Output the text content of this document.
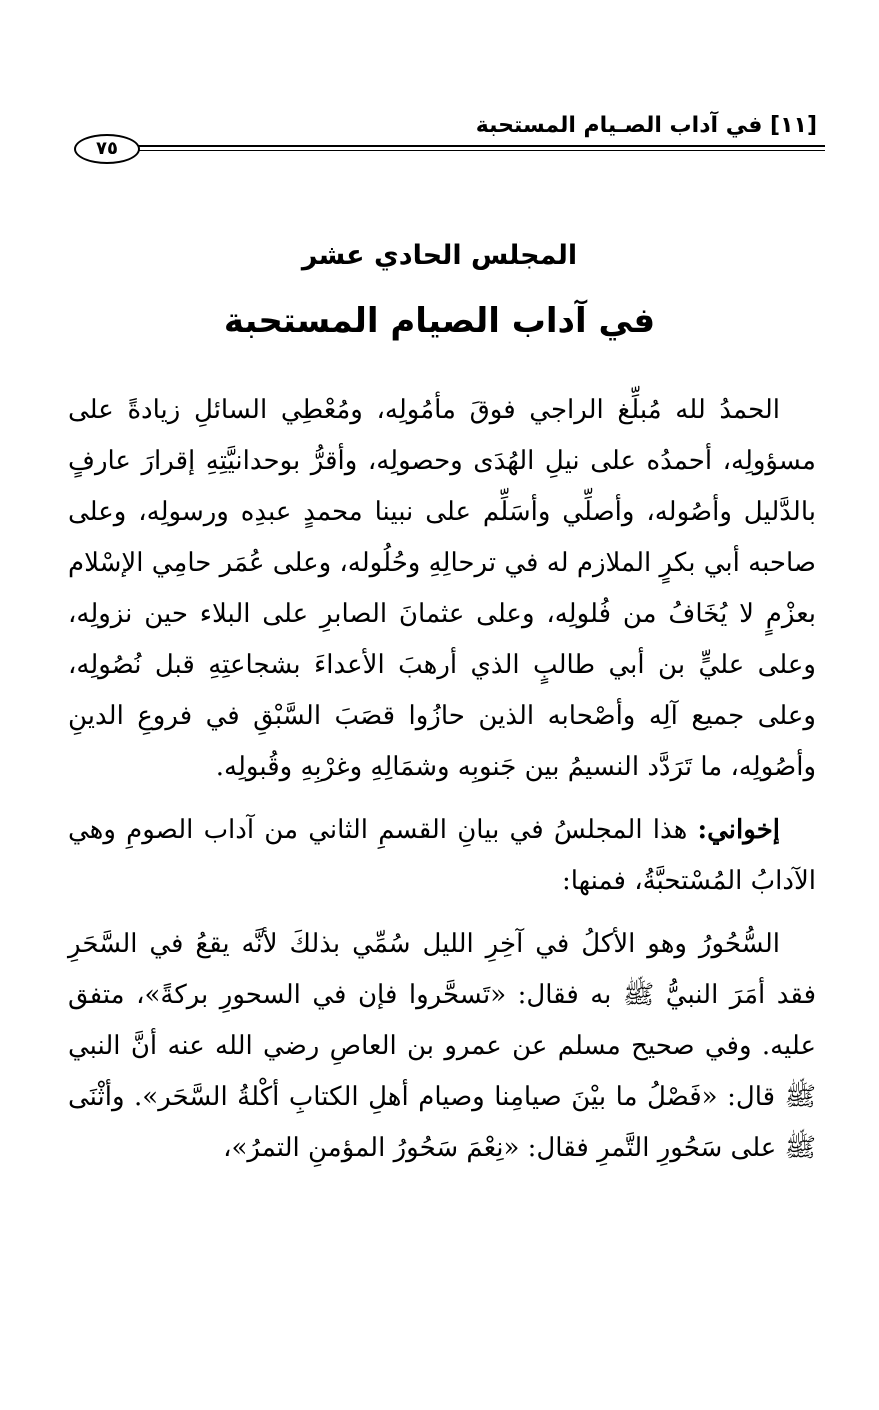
[١١] في آداب الصـيام المستحبة
٧٥
المجلس الحادي عشر
في آداب الصيام المستحبة

الحمدُ لله مُبلِّغ الراجي فوقَ مأمُولِه، ومُعْطِي السائلِ زيادةً على مسؤولِه، أحمدُه على نيلِ الهُدَى وحصولِه، وأقرُّ بوحدانيَّتِهِ إقرارَ عارفٍ بالدَّليل وأصُوله، وأصلِّي وأسَلِّم على نبينا محمدٍ عبدِه ورسولِه، وعلى صاحبه أبي بكرٍ الملازم له في ترحالِهِ وحُلُوله، وعلى عُمَر حامِي الإسْلام بعزْمٍ لا يُخَافُ من فُلولِه، وعلى عثمانَ الصابرِ على البلاء حين نزولِه، وعلى عليٍّ بن أبي طالبٍ الذي أرهبَ الأعداءَ بشجاعتِهِ قبل نُصُولِه، وعلى جميع آلِه وأصْحابه الذين حازُوا قصَبَ السَّبْقِ في فروعِ الدينِ وأصُولِه، ما تَرَدَّد النسيمُ بين جَنوبِه وشمَالِهِ وغرْبِهِ وقُبولِه.

إخواني: هذا المجلسُ في بيانِ القسمِ الثاني من آداب الصومِ وهي الآدابُ المُسْتحبَّةُ، فمنها:

السُّحُورُ وهو الأكلُ في آخِرِ الليل سُمِّي بذلكَ لأنَّه يقعُ في السَّحَرِ فقد أمَرَ النبيُّ ﷺ به فقال: «تَسحَّروا فإن في السحورِ بركةً»، متفق عليه. وفي صحيح مسلم عن عمرو بن العاصِ رضي الله عنه أنَّ النبي ﷺ قال: «فَصْلُ ما بيْنَ صيامِنا وصيام أهلِ الكتابِ أكْلةُ السَّحَر». وأثْنَى ﷺ على سَحُورِ التَّمرِ فقال: «نِعْمَ سَحُورُ المؤمنِ التمرُ»،
